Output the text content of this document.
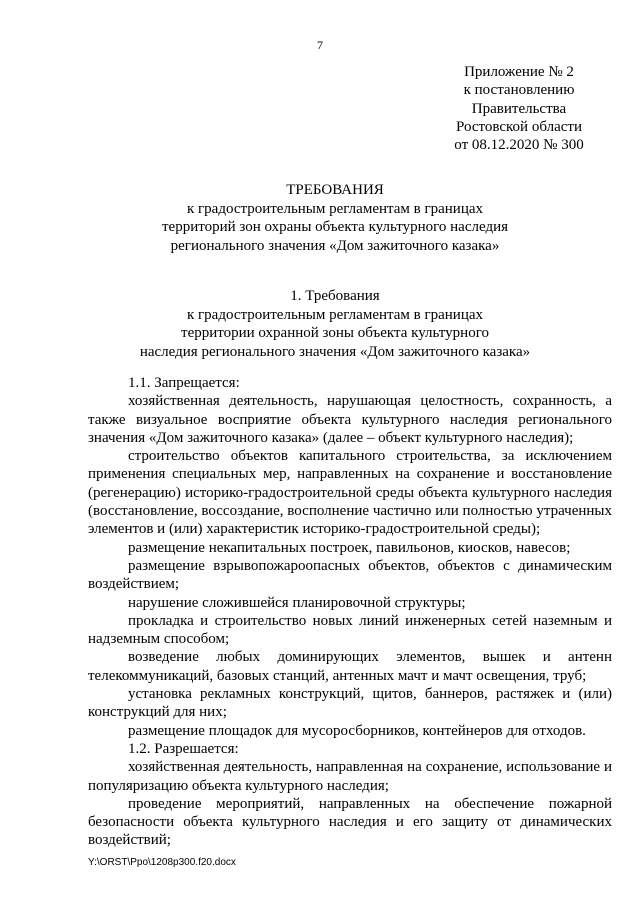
7
Приложение № 2
к постановлению
Правительства
Ростовской области
от 08.12.2020 № 300
ТРЕБОВАНИЯ
к градостроительным регламентам в границах
территорий зон охраны объекта культурного наследия
регионального значения «Дом зажиточного казака»
1. Требования
к градостроительным регламентам в границах
территории охранной зоны объекта культурного
наследия регионального значения «Дом зажиточного казака»

1.1. Запрещается:

хозяйственная деятельность, нарушающая целостность, сохранность, а также визуальное восприятие объекта культурного наследия регионального значения «Дом зажиточного казака» (далее – объект культурного наследия);

строительство объектов капитального строительства, за исключением применения специальных мер, направленных на сохранение и восстановление (регенерацию) историко-градостроительной среды объекта культурного наследия (восстановление, воссоздание, восполнение частично или полностью утраченных элементов и (или) характеристик историко-градостроительной среды);

размещение некапитальных построек, павильонов, киосков, навесов;

размещение взрывопожароопасных объектов, объектов с динамическим воздействием;

нарушение сложившейся планировочной структуры;

прокладка и строительство новых линий инженерных сетей наземным и надземным способом;

возведение любых доминирующих элементов, вышек и антенн телекоммуникаций, базовых станций, антенных мачт и мачт освещения, труб;

установка рекламных конструкций, щитов, баннеров, растяжек и (или) конструкций для них;

размещение площадок для мусоросборников, контейнеров для отходов.

1.2. Разрешается:

хозяйственная деятельность, направленная на сохранение, использование и популяризацию объекта культурного наследия;

проведение мероприятий, направленных на обеспечение пожарной безопасности объекта культурного наследия и его защиту от динамических воздействий;

Y:\ORST\Ppo\1208p300.f20.docx
